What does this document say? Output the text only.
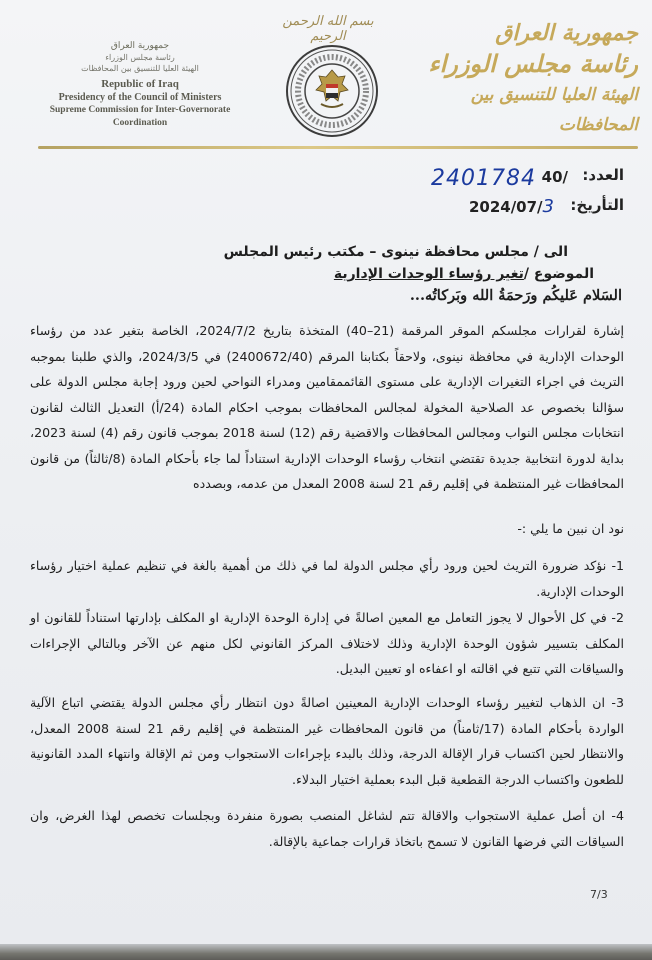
جمهورية العراق
رئاسة مجلس الوزراء
الهيئة العليا للتنسيق بين المحافظات
بسم الله الرحمن الرحيم
جمهورية العراق
رئاسة مجلس الوزراء
الهيئة العليا للتنسيق بين المحافظات
Republic of Iraq
Presidency of the Council of Ministers
Supreme Commission for Inter-Governorate Coordination
العدد:
40/
2401784
التأريخ:
2024/07/3
الى / مجلس محافظة نينوى – مكتب رئيس المجلس
الموضوع /تغير رؤساء الوحدات الإدارية
السَلام عَليكُم ورَحمَةُ الله وبَركاتُه...
إشارة لقرارات مجلسكم الموقر المرقمة (21–40) المتخذة بتاريخ 2024/7/2، الخاصة بتغير عدد من رؤساء الوحدات الإدارية في محافظة نينوى، ولاحقاً بكتابنا المرقم (2400672/40) في 2024/3/5، والذي طلبنا بموجبه التريث في اجراء التغيرات الإدارية على مستوى القائممقامين ومدراء النواحي لحين ورود إجابة مجلس الدولة على سؤالنا بخصوص عد الصلاحية المخولة لمجالس المحافظات بموجب احكام المادة (24/أ) التعديل الثالث لقانون انتخابات مجلس النواب ومجالس المحافظات والاقضية رقم (12) لسنة 2018 بموجب قانون رقم (4) لسنة 2023، بداية لدورة انتخابية جديدة تقتضي انتخاب رؤساء الوحدات الإدارية استناداً لما جاء بأحكام المادة (8/ثالثاً) من قانون المحافظات غير المنتظمة في إقليم رقم 21 لسنة 2008 المعدل من عدمه، وبصدده
نود ان نبين ما يلي :-
1- نؤكد ضرورة التريث لحين ورود رأي مجلس الدولة لما في ذلك من أهمية بالغة في تنظيم عملية اختيار رؤساء الوحدات الإدارية.
2- في كل الأحوال لا يجوز التعامل مع المعين اصالةً في إدارة الوحدة الإدارية او المكلف بإدارتها استناداً للقانون او المكلف بتسيير شؤون الوحدة الإدارية وذلك لاختلاف المركز القانوني لكل منهم عن الآخر وبالتالي الإجراءات والسياقات التي تتبع في اقالته او اعفاءه او تعيين البديل.
3- ان الذهاب لتغيير رؤساء الوحدات الإدارية المعينين اصالةً دون انتظار رأي مجلس الدولة يقتضي اتباع الآلية الواردة بأحكام المادة (17/ثامناً) من قانون المحافظات غير المنتظمة في إقليم رقم 21 لسنة 2008 المعدل، والانتظار لحين اكتساب قرار الإقالة الدرجة، وذلك بالبدء بإجراءات الاستجواب ومن ثم الإقالة وانتهاء المدد القانونية للطعون واكتساب الدرجة القطعية قبل البدء بعملية اختيار البدلاء.
4- ان أصل عملية الاستجواب والاقالة تتم لشاغل المنصب بصورة منفردة وبجلسات تخصص لهذا الغرض، وان السياقات التي فرضها القانون لا تسمح باتخاذ قرارات جماعية بالإقالة.
7/3
